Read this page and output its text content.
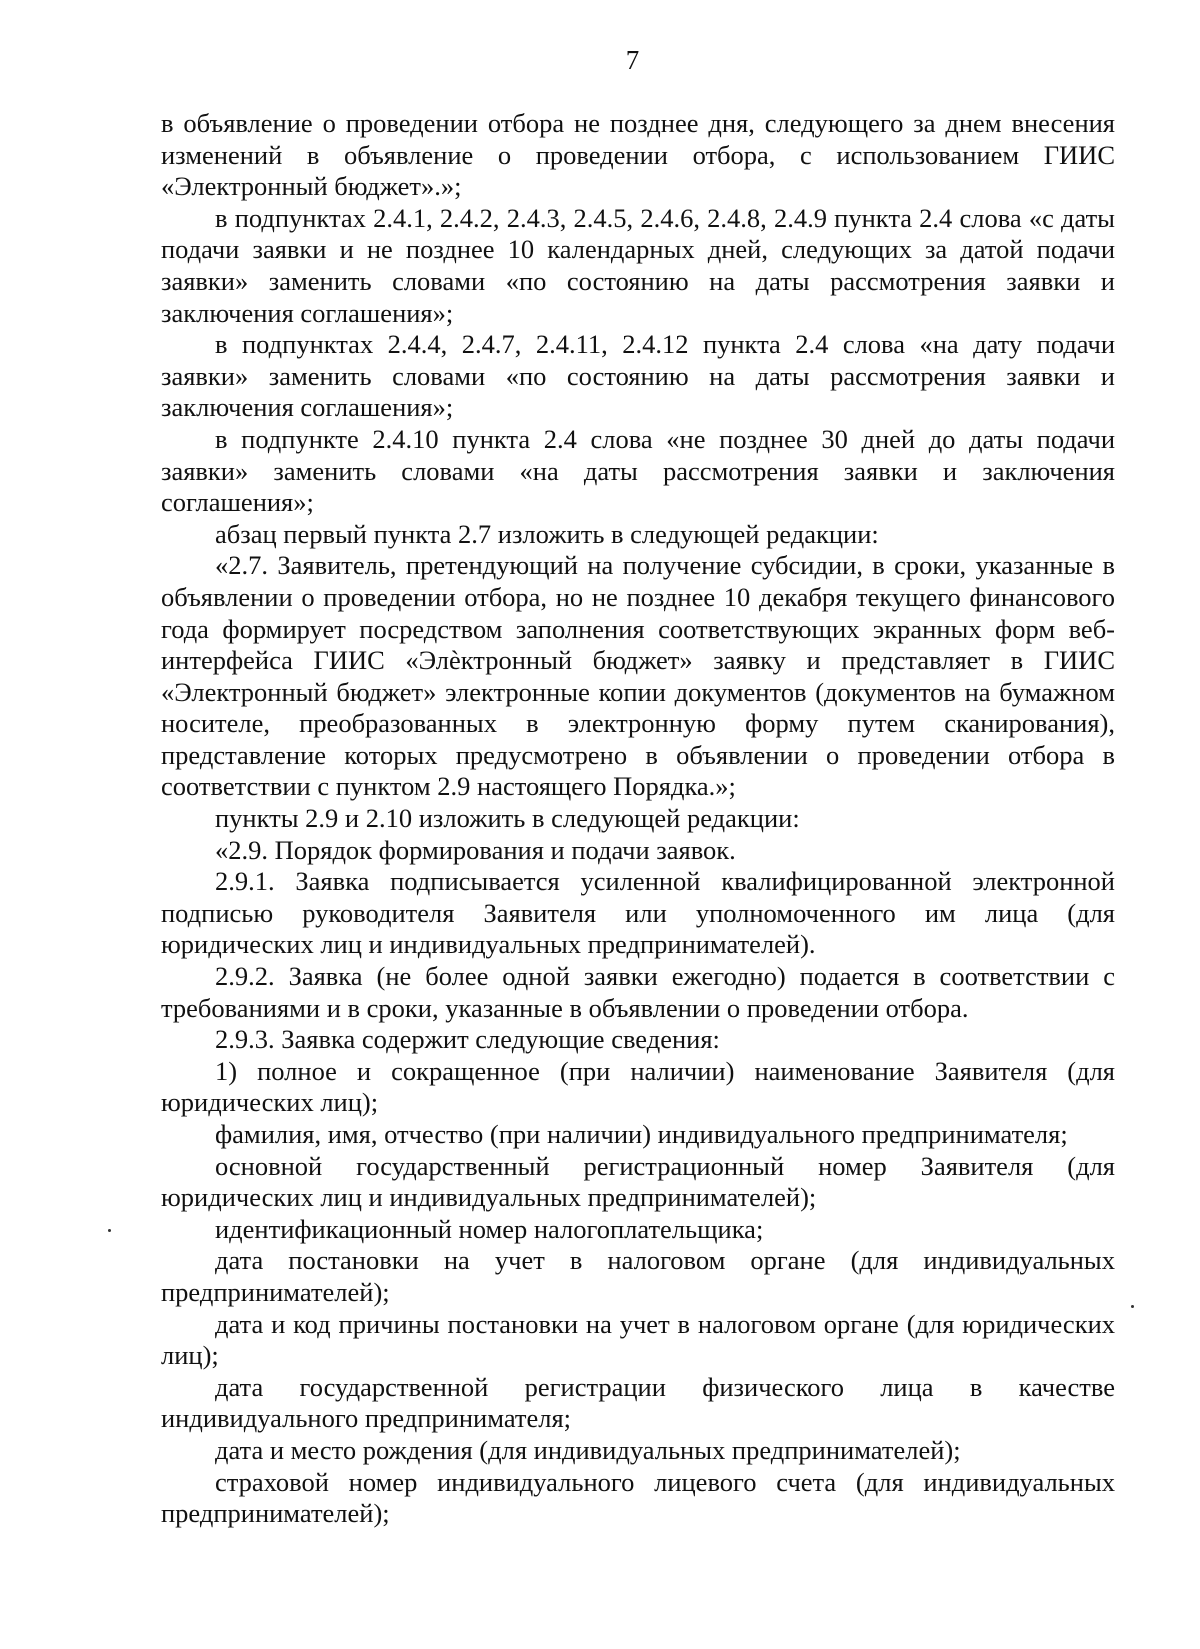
7

в объявление о проведении отбора не позднее дня, следующего за днем внесения изменений в объявление о проведении отбора, с использованием ГИИС «Электронный бюджет».»;

в подпунктах 2.4.1, 2.4.2, 2.4.3, 2.4.5, 2.4.6, 2.4.8, 2.4.9 пункта 2.4 слова «с даты подачи заявки и не позднее 10 календарных дней, следующих за датой подачи заявки» заменить словами «по состоянию на даты рассмотрения заявки и заключения соглашения»;

в подпунктах 2.4.4, 2.4.7, 2.4.11, 2.4.12 пункта 2.4 слова «на дату подачи заявки» заменить словами «по состоянию на даты рассмотрения заявки и заключения соглашения»;

в подпункте 2.4.10 пункта 2.4 слова «не позднее 30 дней до даты подачи заявки» заменить словами «на даты рассмотрения заявки и заключения соглашения»;

абзац первый пункта 2.7 изложить в следующей редакции:

«2.7. Заявитель, претендующий на получение субсидии, в сроки, указанные в объявлении о проведении отбора, но не позднее 10 декабря текущего финансового года формирует посредством заполнения соответствующих экранных форм веб-интерфейса ГИИС «Элѐктронный бюджет» заявку и представляет в ГИИС «Электронный бюджет» электронные копии документов (документов на бумажном носителе, преобразованных в электронную форму путем сканирования), представление которых предусмотрено в объявлении о проведении отбора в соответствии с пунктом 2.9 настоящего Порядка.»;

пункты 2.9 и 2.10 изложить в следующей редакции:

«2.9. Порядок формирования и подачи заявок.

2.9.1. Заявка подписывается усиленной квалифицированной электронной подписью руководителя Заявителя или уполномоченного им лица (для юридических лиц и индивидуальных предпринимателей).

2.9.2. Заявка (не более одной заявки ежегодно) подается в соответствии с требованиями и в сроки, указанные в объявлении о проведении отбора.

2.9.3. Заявка содержит следующие сведения:

1) полное и сокращенное (при наличии) наименование Заявителя (для юридических лиц);

фамилия, имя, отчество (при наличии) индивидуального предпринимателя;

основной государственный регистрационный номер Заявителя (для юридических лиц и индивидуальных предпринимателей);

идентификационный номер налогоплательщика;

дата постановки на учет в налоговом органе (для индивидуальных предпринимателей);

дата и код причины постановки на учет в налоговом органе (для юридических лиц);

дата государственной регистрации физического лица в качестве индивидуального предпринимателя;

дата и место рождения (для индивидуальных предпринимателей);

страховой номер индивидуального лицевого счета (для индивидуальных предпринимателей);
